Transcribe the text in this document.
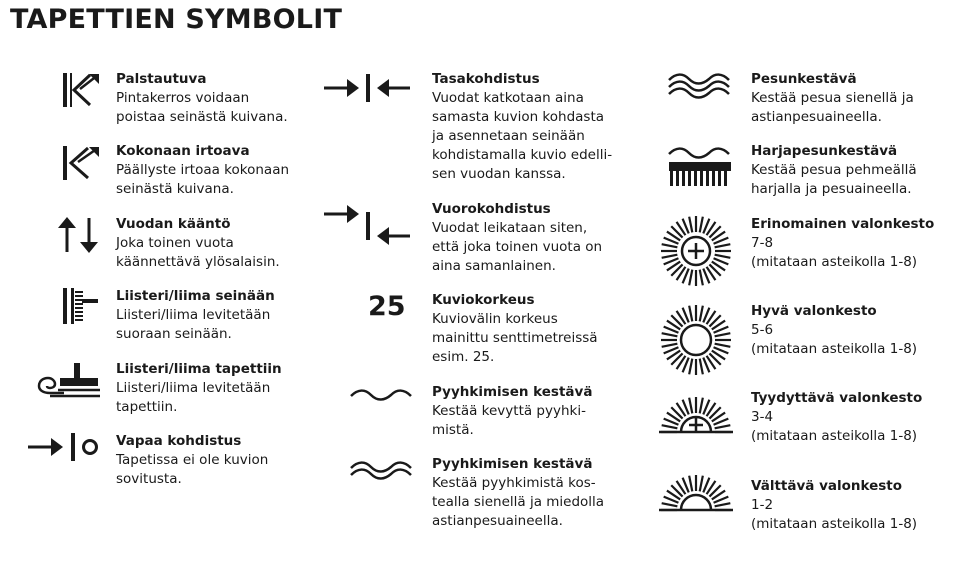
TAPETTIEN SYMBOLIT
Palstautuva
Pintakerros voidaan
poistaa seinästä kuivana.
Kokonaan irtoava
Päällyste irtoaa kokonaan
seinästä kuivana.
Vuodan kääntö
Joka toinen vuota
käännettävä ylösalaisin.
Liisteri/liima seinään
Liisteri/liima levitetään
suoraan seinään.
Liisteri/liima tapettiin
Liisteri/liima levitetään
tapettiin.
Vapaa kohdistus
Tapetissa ei ole kuvion
sovitusta.
Tasakohdistus
Vuodat katkotaan aina
samasta kuvion kohdasta
ja asennetaan seinään
kohdistamalla kuvio edelli-
sen vuodan kanssa.
Vuorokohdistus
Vuodat leikataan siten,
että joka toinen vuota on
aina samanlainen.
25 Kuviokorkeus
Kuviovälin korkeus
mainittu senttimetreissä
esim. 25.
Pyyhkimisen kestävä
Kestää kevyttä pyyhki-
mistä.
Pyyhkimisen kestävä
Kestää pyyhkimistä kos-
tealla sienellä ja miedolla
astianpesuaineella.
Pesunkestävä
Kestää pesua sienellä ja
astianpesuaineella.
Harjapesunkestävä
Kestää pesua pehmeällä
harjalla ja pesuaineella.
Erinomainen valonkesto
7-8
(mitataan asteikolla 1-8)
Hyvä valonkesto
5-6
(mitataan asteikolla 1-8)
Tyydyttävä valonkesto
3-4
(mitataan asteikolla 1-8)
Välttävä valonkesto
1-2
(mitataan asteikolla 1-8)
